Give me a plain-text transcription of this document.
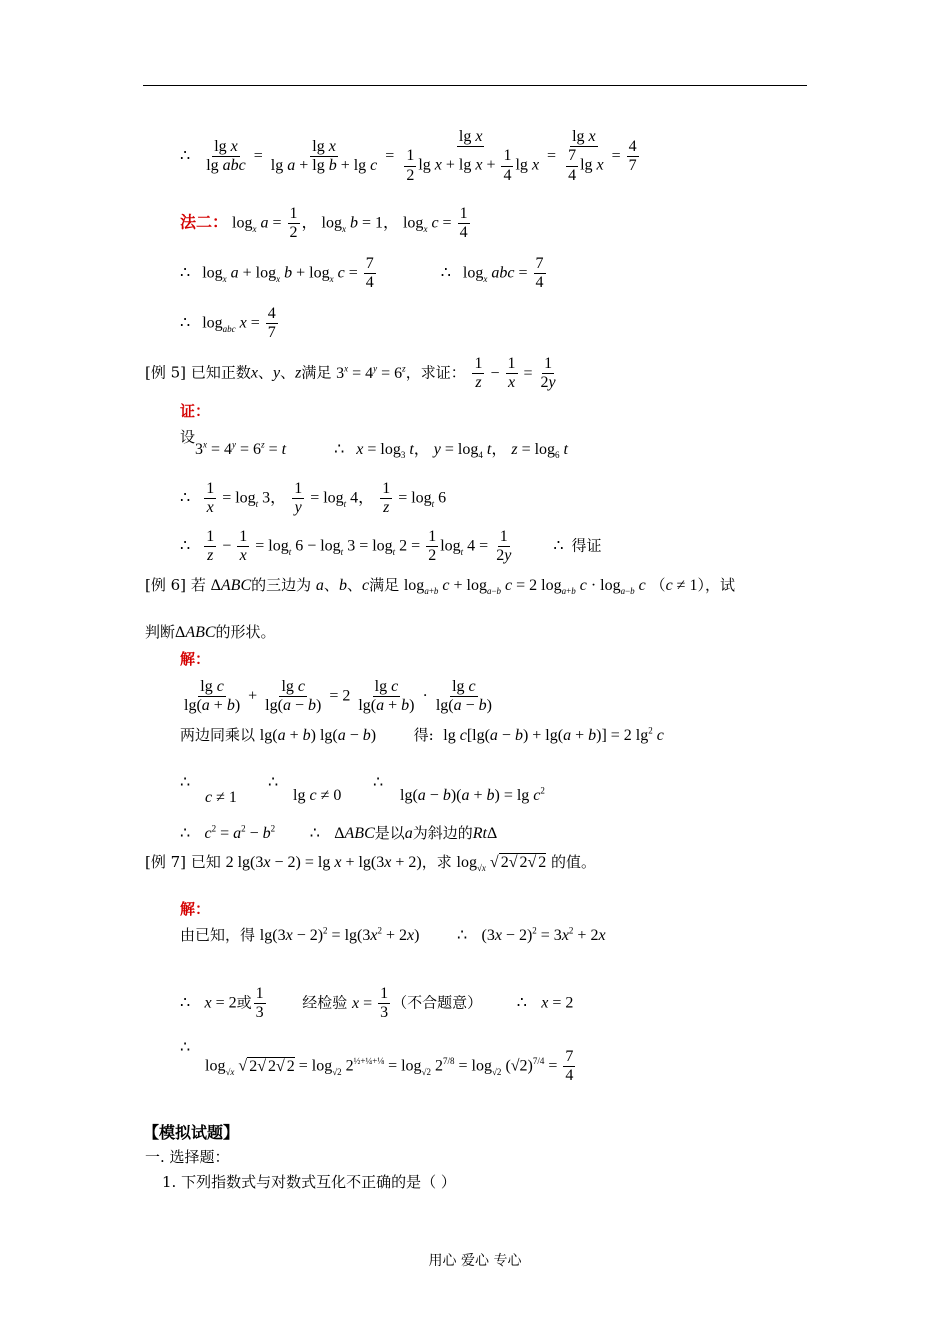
∴ $\frac{\text{lg x}}{\text{lg abc}} = \frac{\text{lg x}}{\text{lg a + lg b + lg c}} = \frac{\text{lg x}}{\frac{1}{2} \lg x + \lg x + \frac{1}{4} \lg x} = \frac{\text{lg x}}{\frac{7}{4} \lg x} = \frac{4}{7}$
法二： $\log_x a = \frac{1}{2}$ ， $\log_x b = 1$， $\log_x c = \frac{1}{4}$
∴   $\log_x a + \log_x b + \log_x c = \frac{7}{4}$	∴   $\log_x$ abc = $\frac{7}{4}$
∴   $\log_{abc} x = \frac{4}{7}$
[例 5] 已知正数x、y、z满足 $3^x = 4^y = 6^z$，求证： $\frac{1}{z} - \frac{1}{x} = \frac{1}{2y}$
证：
设
$3^x = 4^y = 6^z = t$	∴ $x = \log_3 t$， $y = \log_4 t$， $z = \log_6 t$
∴ $\frac{1}{x} = \log_t 3$， $\frac{1}{y} = \log_t 4$， $\frac{1}{z} = \log_t 6$
∴ $\frac{1}{z} - \frac{1}{x} = \log_t 6 - \log_t 3 = \log_t 2 = \frac{1}{2} \log_t 4 = \frac{1}{2y}$	∴ 得证
[例 6] 若 ΔABC的三边为 a、b、c满足 $\log_{a+b} c + \log_{a-b} c = 2$ $\log_{a+b} c \cdot \log_{a-b} c$ （c ≠ 1），试
判断ΔABC的形状。
解：
$\frac{\text{lg c}}{\lg(a + b)} + \frac{\text{lg c}}{\lg(a - b)} = 2 \frac{\text{lg c}}{\lg(a + b)} \cdot \frac{\text{lg c}}{\lg(a - b)}$
两边同乘以 lg(a + b) lg(a − b)	得: lg c[lg(a − b) + lg(a + b)] = 2 $\lg^2 c$
∴
c ≠ 1
∴
lg c ≠ 0
∴
$\lg(a - b)(a + b) = \lg c^2$
∴ $c^2 = a^2 - b^2$ ∴ ΔABC是以a为斜边的RtΔ
[例 7] 已知 2 lg(3x − 2) = lg x + lg(3x + 2)，求 $\log_{√x}$ √ 2√ 2√ 2 的值。
解：
由已知，得 $\lg(3x - 2)^2 = \lg(3x^2 + 2x)$ ∴ $(3x - 2)^2 = 3x^2 + 2x$
∴ x = 2或 $\frac{1}{3}$ 经检验 $x = \frac{1}{3}$ （不合题意） ∴ x = 2
∴
$\log_{√x}$ √ 2√ 2√ $2 = \log_{√2} 2^{\frac{1}{2}+\frac{1}{4}+\frac{1}{8}} = \log_{√2} 2^{7/8} = \log_{√2} (√2)^{7/4} = \frac{7}{4}$
【模拟试题】
一. 选择题：
1. 下列指数式与对数式互化不正确的是（ ）
用心 爱心 专心
